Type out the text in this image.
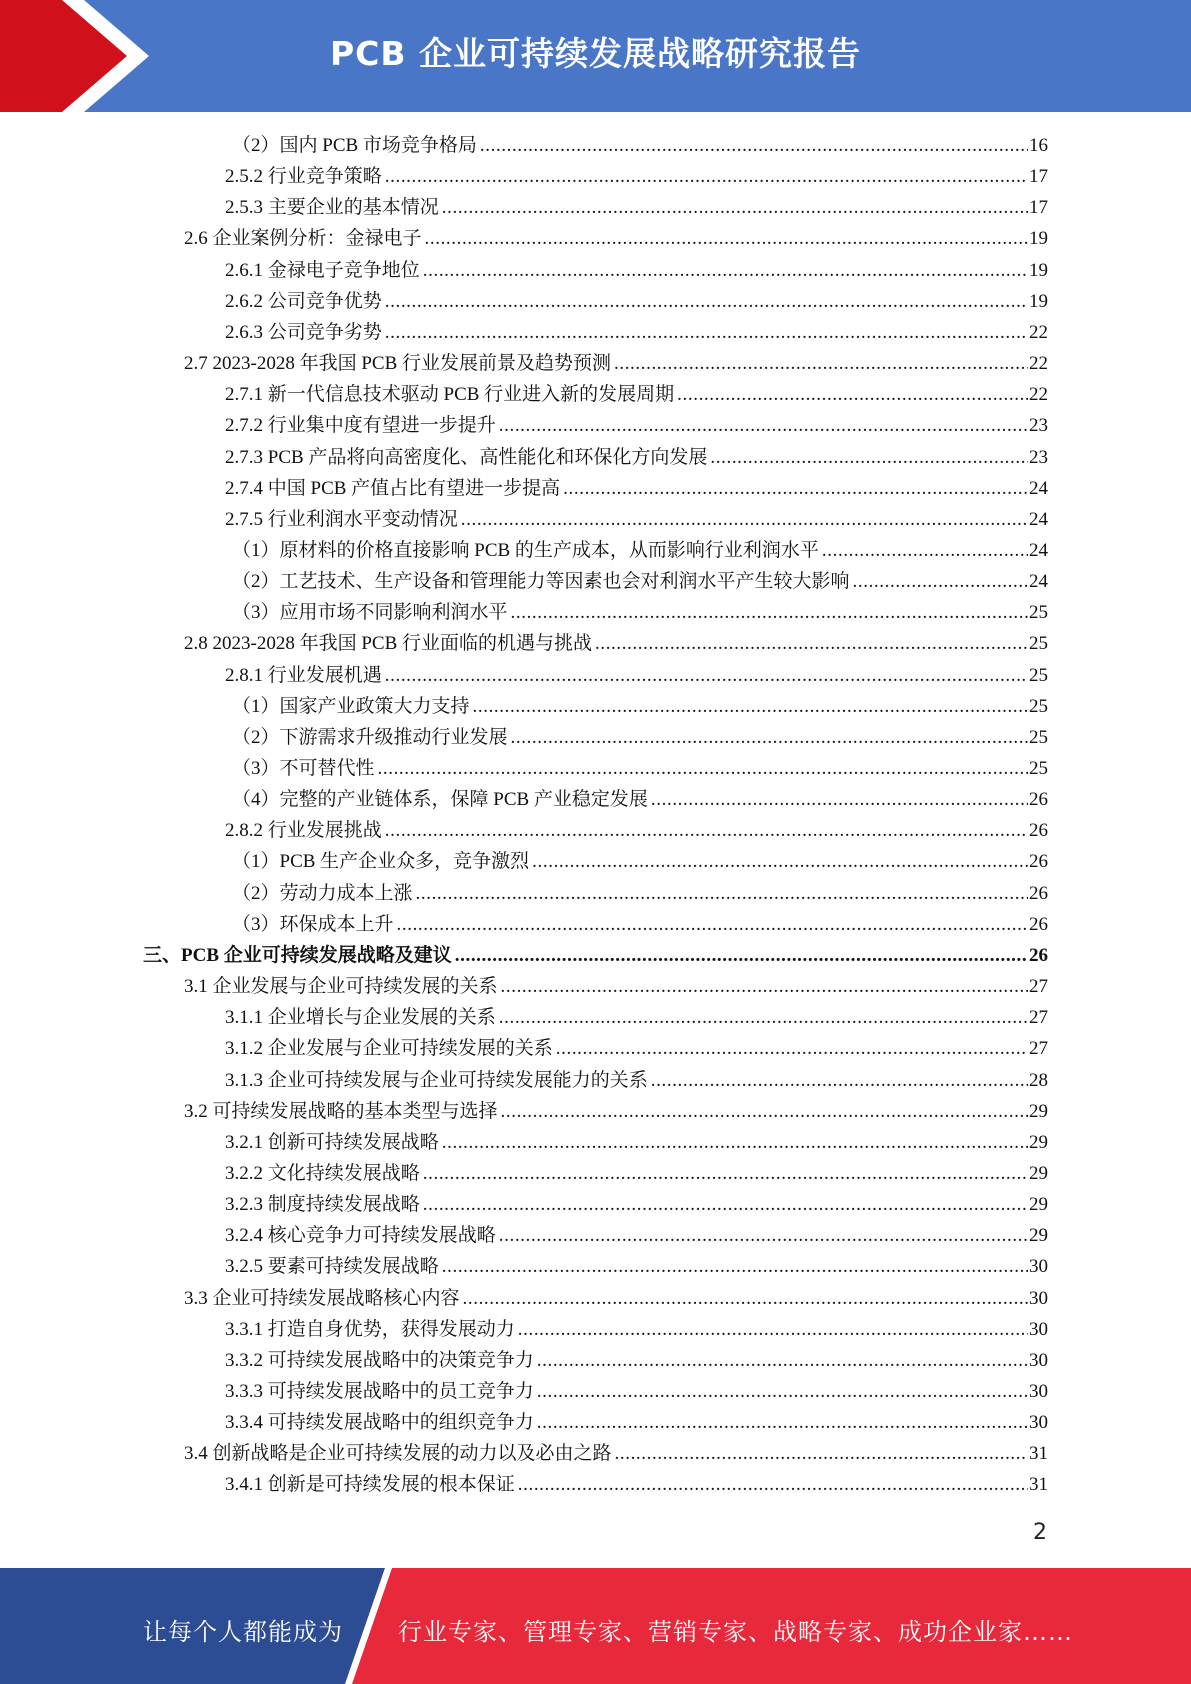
PCB 企业可持续发展战略研究报告
（2）国内 PCB 市场竞争格局 .....	16
2.5.2 行业竞争策略 .....	17
2.5.3 主要企业的基本情况 .....	17
2.6 企业案例分析：金禄电子 .....	19
2.6.1 金禄电子竞争地位 .....	19
2.6.2 公司竞争优势 .....	19
2.6.3 公司竞争劣势 .....	22
2.7 2023-2028 年我国 PCB 行业发展前景及趋势预测 .....	22
2.7.1 新一代信息技术驱动 PCB 行业进入新的发展周期 .....	22
2.7.2 行业集中度有望进一步提升 .....	23
2.7.3 PCB 产品将向高密度化、高性能化和环保化方向发展 .....	23
2.7.4 中国 PCB 产值占比有望进一步提高 .....	24
2.7.5 行业利润水平变动情况 .....	24
（1）原材料的价格直接影响 PCB 的生产成本，从而影响行业利润水平 .....	24
（2）工艺技术、生产设备和管理能力等因素也会对利润水平产生较大影响 .....	24
（3）应用市场不同影响利润水平 .....	25
2.8 2023-2028 年我国 PCB 行业面临的机遇与挑战 .....	25
2.8.1 行业发展机遇 .....	25
（1）国家产业政策大力支持 .....	25
（2）下游需求升级推动行业发展 .....	25
（3）不可替代性 .....	25
（4）完整的产业链体系，保障 PCB 产业稳定发展 .....	26
2.8.2 行业发展挑战 .....	26
（1）PCB 生产企业众多，竞争激烈 .....	26
（2）劳动力成本上涨 .....	26
（3）环保成本上升 .....	26
三、PCB 企业可持续发展战略及建议 .....	26
3.1 企业发展与企业可持续发展的关系 .....	27
3.1.1 企业增长与企业发展的关系 .....	27
3.1.2 企业发展与企业可持续发展的关系 .....	27
3.1.3 企业可持续发展与企业可持续发展能力的关系 .....	28
3.2 可持续发展战略的基本类型与选择 .....	29
3.2.1 创新可持续发展战略 .....	29
3.2.2 文化持续发展战略 .....	29
3.2.3 制度持续发展战略 .....	29
3.2.4 核心竞争力可持续发展战略 .....	29
3.2.5 要素可持续发展战略 .....	30
3.3 企业可持续发展战略核心内容 .....	30
3.3.1 打造自身优势，获得发展动力 .....	30
3.3.2 可持续发展战略中的决策竞争力 .....	30
3.3.3 可持续发展战略中的员工竞争力 .....	30
3.3.4 可持续发展战略中的组织竞争力 .....	30
3.4 创新战略是企业可持续发展的动力以及必由之路 .....	31
3.4.1 创新是可持续发展的根本保证 .....	31
2
让每个人都能成为 行业专家、管理专家、营销专家、战略专家、成功企业家……
